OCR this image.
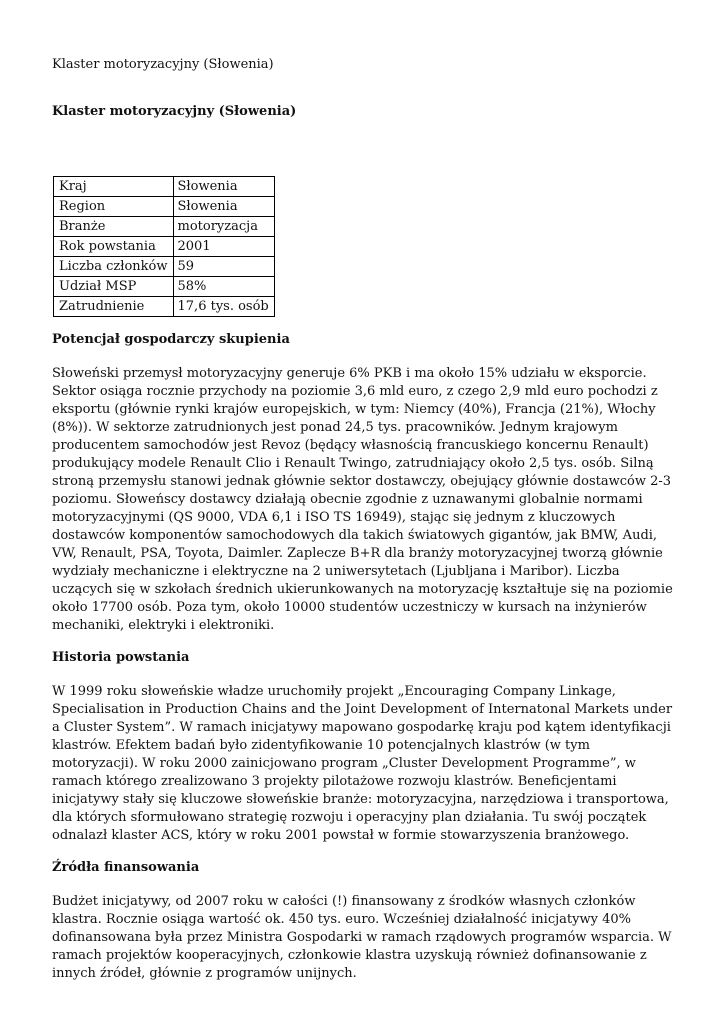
Klaster motoryzacyjny (Słowenia)
Klaster motoryzacyjny (Słowenia)
Kraj	Słowenia
Region	Słowenia
Branże	motoryzacja
Rok powstania	2001
Liczba członków	59
Udział MSP	58%
Zatrudnienie	17,6 tys. osób
Potencjał gospodarczy skupienia

Słoweński przemysł motoryzacyjny generuje 6% PKB i ma około 15% udziału w eksporcie. Sektor osiąga rocznie przychody na poziomie 3,6 mld euro, z czego 2,9 mld euro pochodzi z eksportu (głównie rynki krajów europejskich, w tym: Niemcy (40%), Francja (21%), Włochy (8%)). W sektorze zatrudnionych jest ponad 24,5 tys. pracowników. Jednym krajowym producentem samochodów jest Revoz (będący własnością francuskiego koncernu Renault) produkujący modele Renault Clio i Renault Twingo, zatrudniający około 2,5 tys. osób. Silną stroną przemysłu stanowi jednak głównie sektor dostawczy, obejujący głównie dostawców 2-3 poziomu. Słoweńscy dostawcy działają obecnie zgodnie z uznawanymi globalnie normami motoryzacyjnymi (QS 9000, VDA 6,1 i ISO TS 16949), stając się jednym z kluczowych dostawców komponentów samochodowych dla takich światowych gigantów, jak BMW, Audi, VW, Renault, PSA, Toyota, Daimler. Zaplecze B+R dla branży motoryzacyjnej tworzą głównie wydziały mechaniczne i elektryczne na 2 uniwersytetach (Ljubljana i Maribor). Liczba uczących się w szkołach średnich ukierunkowanych na motoryzację kształtuje się na poziomie około 17700 osób. Poza tym, około 10000 studentów uczestniczy w kursach na inżynierów mechaniki, elektryki i elektroniki.

Historia powstania

W 1999 roku słoweńskie władze uruchomiły projekt „Encouraging Company Linkage, Specialisation in Production Chains and the Joint Development of Internatonal Markets under a Cluster System”. W ramach inicjatywy mapowano gospodarkę kraju pod kątem identyfikacji klastrów. Efektem badań było zidentyfikowanie 10 potencjalnych klastrów (w tym motoryzacji). W roku 2000 zainicjowano program „Cluster Development Programme”, w ramach którego zrealizowano 3 projekty pilotażowe rozwoju klastrów. Beneficjentami inicjatywy stały się kluczowe słoweńskie branże: motoryzacyjna, narzędziowa i transportowa, dla których sformułowano strategię rozwoju i operacyjny plan działania. Tu swój początek odnalazł klaster ACS, który w roku 2001 powstał w formie stowarzyszenia branżowego.

Źródła finansowania

Budżet inicjatywy, od 2007 roku w całości (!) finansowany z środków własnych członków klastra. Rocznie osiąga wartość ok. 450 tys. euro. Wcześniej działalność inicjatywy 40% dofinansowana była przez Ministra Gospodarki w ramach rządowych programów wsparcia. W ramach projektów kooperacyjnych, członkowie klastra uzyskują również dofinansowanie z innych źródeł, głównie z programów unijnych.
